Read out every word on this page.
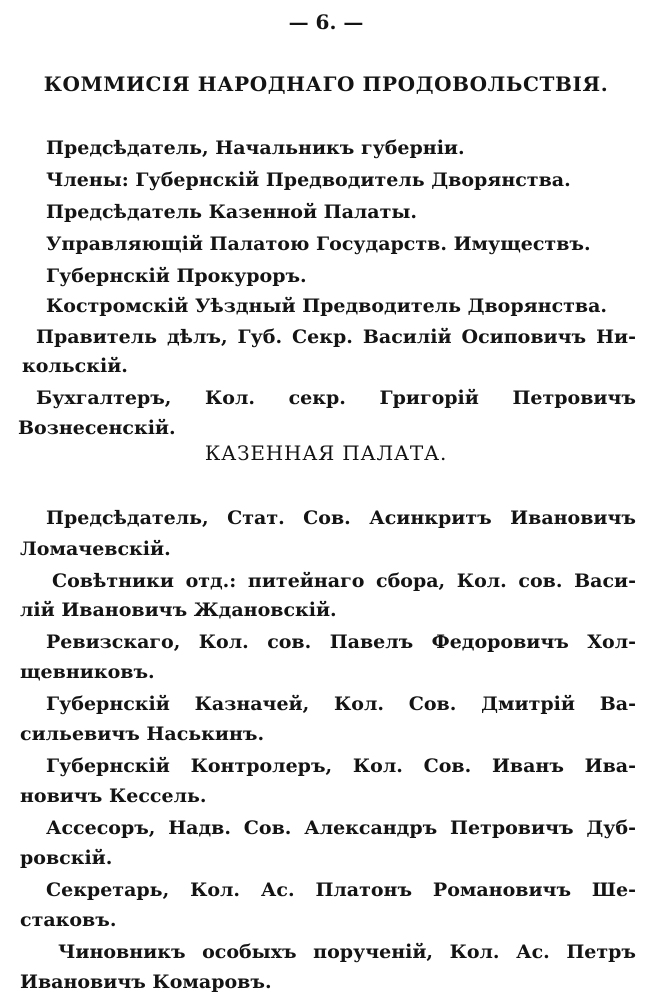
— 6. —
КОММИСІЯ НАРОДНАГО ПРОДОВОЛЬСТВІЯ.
Предсѣдатель, Начальникъ губерніи.
Члены: Губернскій Предводитель Дворянства.
Предсѣдатель Казенной Палаты.
Управляющій Палатою Государств. Имуществъ.
Губернскій Прокуроръ.
Костромскій Уѣздный Предводитель Дворянства.
Правитель дѣлъ, Губ. Секр. Василій Осиповичъ Ни-
кольскій.
Бухгалтеръ, Кол. секр. Григорій Петровичъ
Вознесенскій.
КАЗЕННАЯ ПАЛАТА.
Предсѣдатель, Стат. Сов. Асинкритъ Ивановичъ
Ломачевскій.
Совѣтники отд.: питейнаго сбора, Кол. сов. Васи-
лій Ивановичъ Ждановскій.
Ревизскаго, Кол. сов. Павелъ Федоровичъ Хол-
щевниковъ.
Губернскій Казначей, Кол. Сов. Дмитрій Ва-
сильевичъ Наськинъ.
Губернскій Контролеръ, Кол. Сов. Иванъ Ива-
новичъ Кессель.
Ассесоръ, Надв. Сов. Александръ Петровичъ Дуб-
ровскій.
Секретарь, Кол. Ас. Платонъ Романовичъ Ше-
стаковъ.
Чиновникъ особыхъ порученій, Кол. Ас. Петръ
Ивановичъ Комаровъ.
